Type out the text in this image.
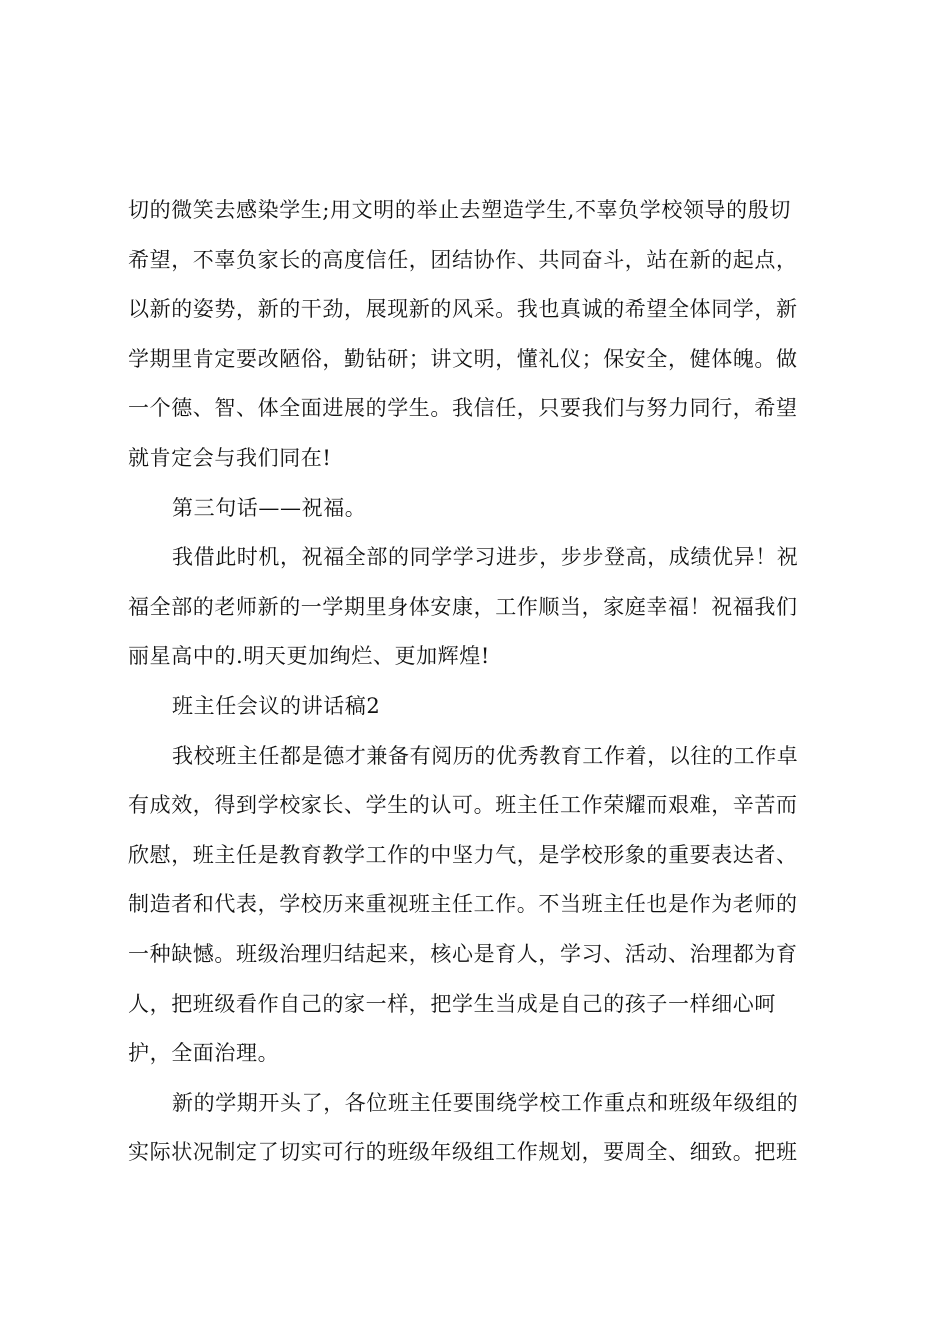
切的微笑去感染学生;用文明的举止去塑造学生,不辜负学校领导的殷切
希望，不辜负家长的高度信任，团结协作、共同奋斗，站在新的起点，
以新的姿势，新的干劲，展现新的风采。我也真诚的希望全体同学，新
学期里肯定要改陋俗，勤钻研；讲文明，懂礼仪；保安全，健体魄。做
一个德、智、体全面进展的学生。我信任，只要我们与努力同行，希望
就肯定会与我们同在!
第三句话——祝福。
我借此时机，祝福全部的同学学习进步，步步登高，成绩优异！祝
福全部的老师新的一学期里身体安康，工作顺当，家庭幸福！祝福我们
丽星高中的.明天更加绚烂、更加辉煌!
班主任会议的讲话稿2
我校班主任都是德才兼备有阅历的优秀教育工作着，以往的工作卓
有成效，得到学校家长、学生的认可。班主任工作荣耀而艰难，辛苦而
欣慰，班主任是教育教学工作的中坚力气，是学校形象的重要表达者、
制造者和代表，学校历来重视班主任工作。不当班主任也是作为老师的
一种缺憾。班级治理归结起来，核心是育人，学习、活动、治理都为育
人，把班级看作自己的家一样，把学生当成是自己的孩子一样细心呵
护，全面治理。
新的学期开头了，各位班主任要围绕学校工作重点和班级年级组的
实际状况制定了切实可行的班级年级组工作规划，要周全、细致。把班
